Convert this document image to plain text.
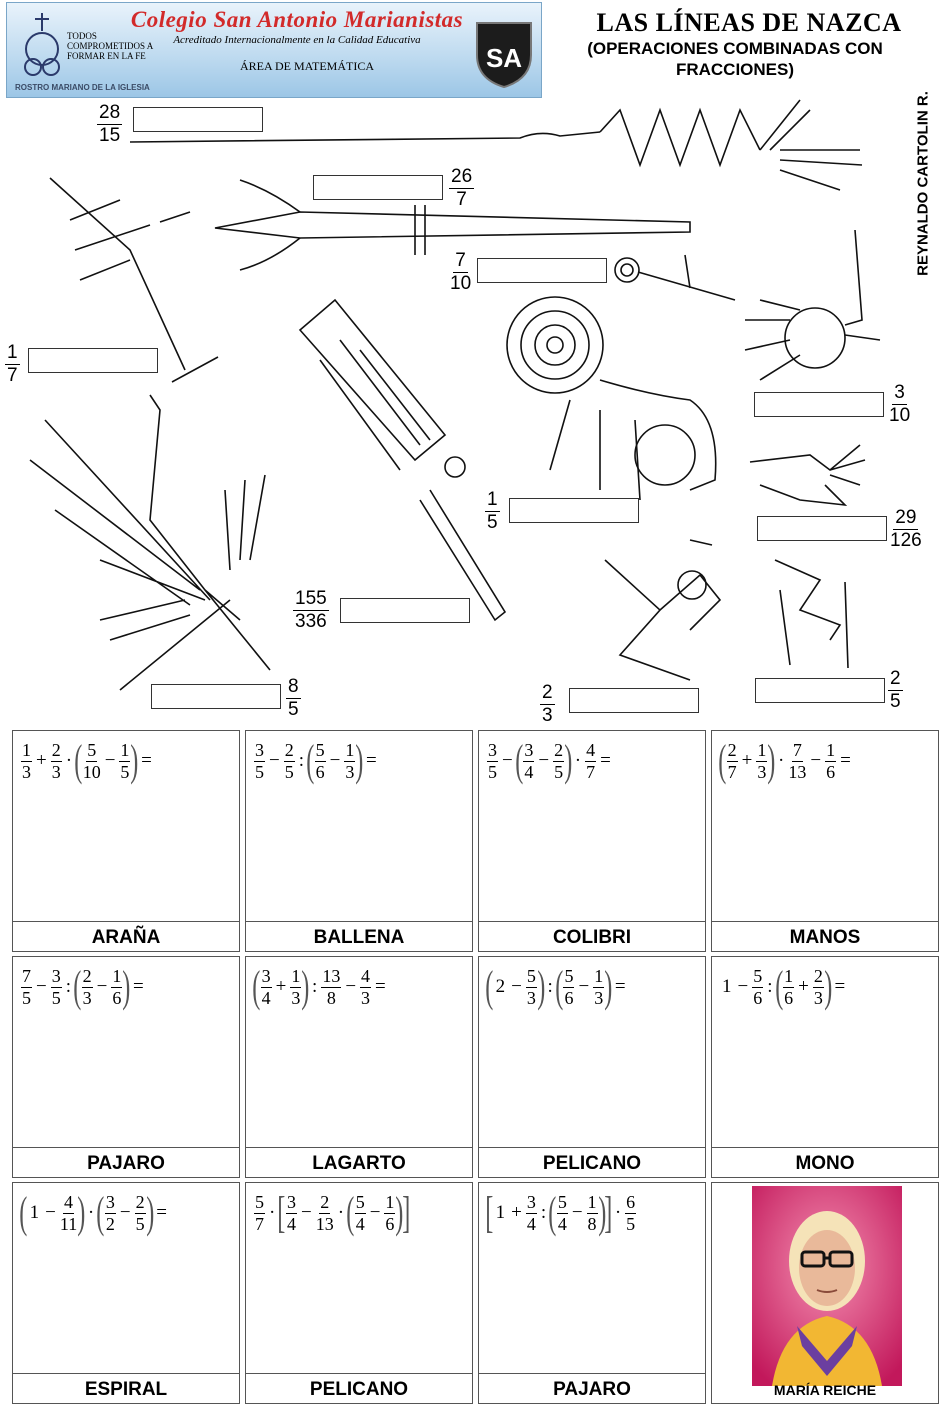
Colegio San Antonio Marianistas
Acreditado Internacionalmente en la Calidad Educativa
ÁREA DE MATEMÁTICA
TODOS COMPROMETIDOS A FORMAR EN LA FE
ROSTRO MARIANO DE LA IGLESIA
SA
LAS LÍNEAS DE NAZCA
(OPERACIONES COMBINADAS CON FRACCIONES)
REYNALDO CARTOLIN R.
$\frac{28}{15}$
$\frac{26}{7}$
$\frac{7}{10}$
$\frac{1}{7}$
$\frac{3}{10}$
$\frac{1}{5}$	$\frac{29}{126}$
$\frac{155}{336}$
$\frac{8}{5}$	$\frac{2}{3}$	$\frac{2}{5}$
$\frac{1}{3} + \frac{2}{3}$ ·( $\frac{5}{10} - \frac{1}{5}$ ) =
ARAÑA
$\frac{3}{5} - \frac{2}{5}$ :( $\frac{5}{6} - \frac{1}{3}$ ) =
BALLENA
$\frac{3}{5}$ −( $\frac{3}{4} - \frac{2}{5}$ ) · $\frac{4}{7}$ =
COLIBRI
( $\frac{2}{7} + \frac{1}{3}$ ) · $\frac{7}{13} - \frac{1}{6}$ =
MANOS
$\frac{7}{5} - \frac{3}{5}$ :( $\frac{2}{3} - \frac{1}{6}$ ) =
PAJARO
( $\frac{3}{4} + \frac{1}{3}$ ) : $\frac{13}{8} - \frac{4}{3}$ =
LAGARTO
( $2 - \frac{5}{3}$ ) :( $\frac{5}{6} - \frac{1}{3}$ ) =
PELICANO
$1 - \frac{5}{6}$ :( $\frac{1}{6} + \frac{2}{3}$ ) =
MONO
( $1 - \frac{4}{11}$ ) ·( $\frac{3}{2} - \frac{2}{5}$ ) =
ESPIRAL
$\frac{5}{7}$ ·[ $\frac{3}{4} - \frac{2}{13}$ ·( $\frac{5}{4} - \frac{1}{6}$ )]
PELICANO
[ $1 + \frac{3}{4}$ :( $\frac{5}{4} - \frac{1}{8}$ )] · $\frac{6}{5}$
PAJARO	MARÍA REICHE
